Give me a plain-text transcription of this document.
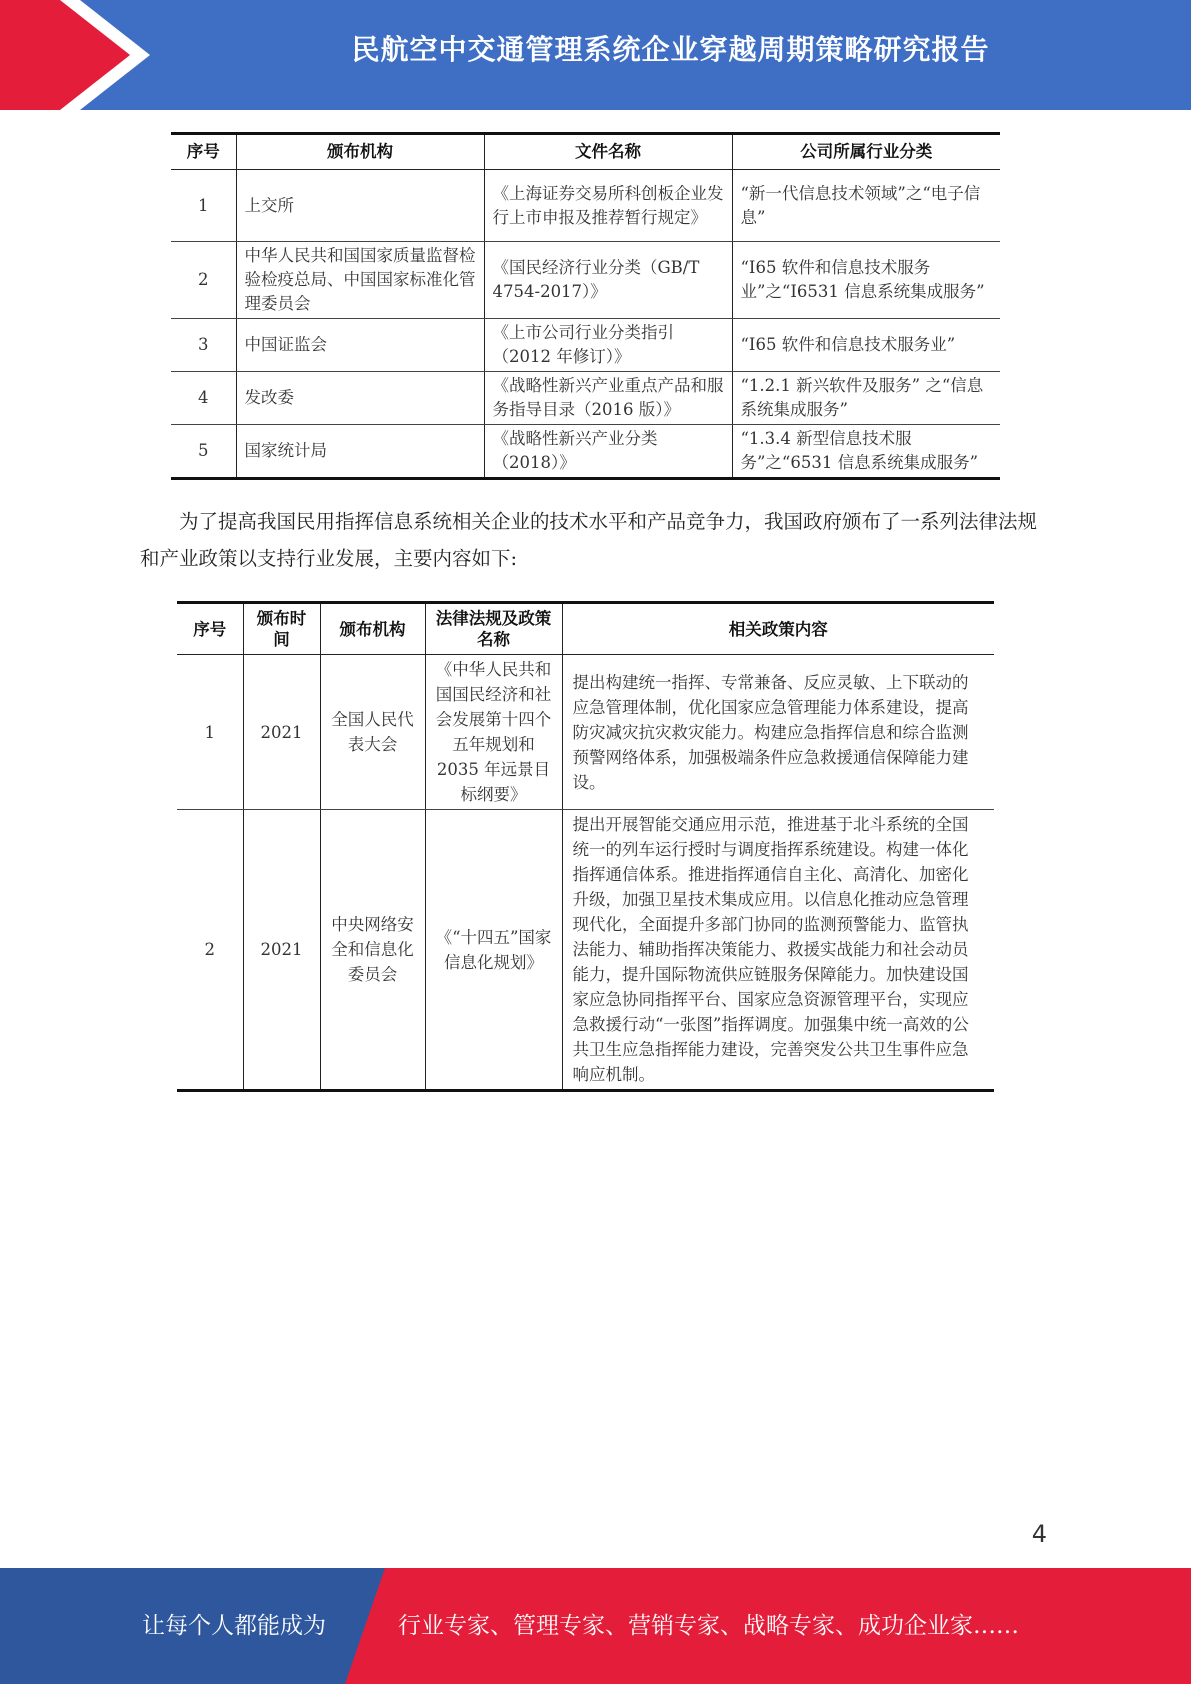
民航空中交通管理系统企业穿越周期策略研究报告
序号	颁布机构	文件名称	公司所属行业分类
1	上交所	《上海证券交易所科创板企业发行上市申报及推荐暂行规定》	“新一代信息技术领域”之“电子信息”
2	中华人民共和国国家质量监督检验检疫总局、中国国家标准化管理委员会	《国民经济行业分类（GB/T 4754-2017）》	“I65 软件和信息技术服务业”之“I6531 信息系统集成服务”
3	中国证监会	《上市公司行业分类指引（2012 年修订）》	“I65 软件和信息技术服务业”
4	发改委	《战略性新兴产业重点产品和服务指导目录（2016 版）》	“1.2.1 新兴软件及服务” 之“信息系统集成服务”
5	国家统计局	《战略性新兴产业分类（2018）》	“1.3.4 新型信息技术服务”之“6531 信息系统集成服务”

为了提高我国民用指挥信息系统相关企业的技术水平和产品竞争力，我国政府颁布了一系列法律法规和产业政策以支持行业发展，主要内容如下:

序号	颁布时间	颁布机构	法律法规及政策名称	相关政策内容
1	2021	全国人民代表大会	《中华人民共和国国民经济和社会发展第十四个五年规划和 2035 年远景目标纲要》	提出构建统一指挥、专常兼备、反应灵敏、上下联动的应急管理体制，优化国家应急管理能力体系建设，提高防灾减灾抗灾救灾能力。构建应急指挥信息和综合监测预警网络体系，加强极端条件应急救援通信保障能力建设。
2	2021	中央网络安全和信息化委员会	《“十四五”国家信息化规划》	提出开展智能交通应用示范，推进基于北斗系统的全国统一的列车运行授时与调度指挥系统建设。构建一体化指挥通信体系。推进指挥通信自主化、高清化、加密化升级，加强卫星技术集成应用。以信息化推动应急管理现代化，全面提升多部门协同的监测预警能力、监管执法能力、辅助指挥决策能力、救援实战能力和社会动员能力，提升国际物流供应链服务保障能力。加快建设国家应急协同指挥平台、国家应急资源管理平台，实现应急救援行动“一张图”指挥调度。加强集中统一高效的公共卫生应急指挥能力建设，完善突发公共卫生事件应急响应机制。
4
让每个人都能成为	行业专家、管理专家、营销专家、战略专家、成功企业家……
